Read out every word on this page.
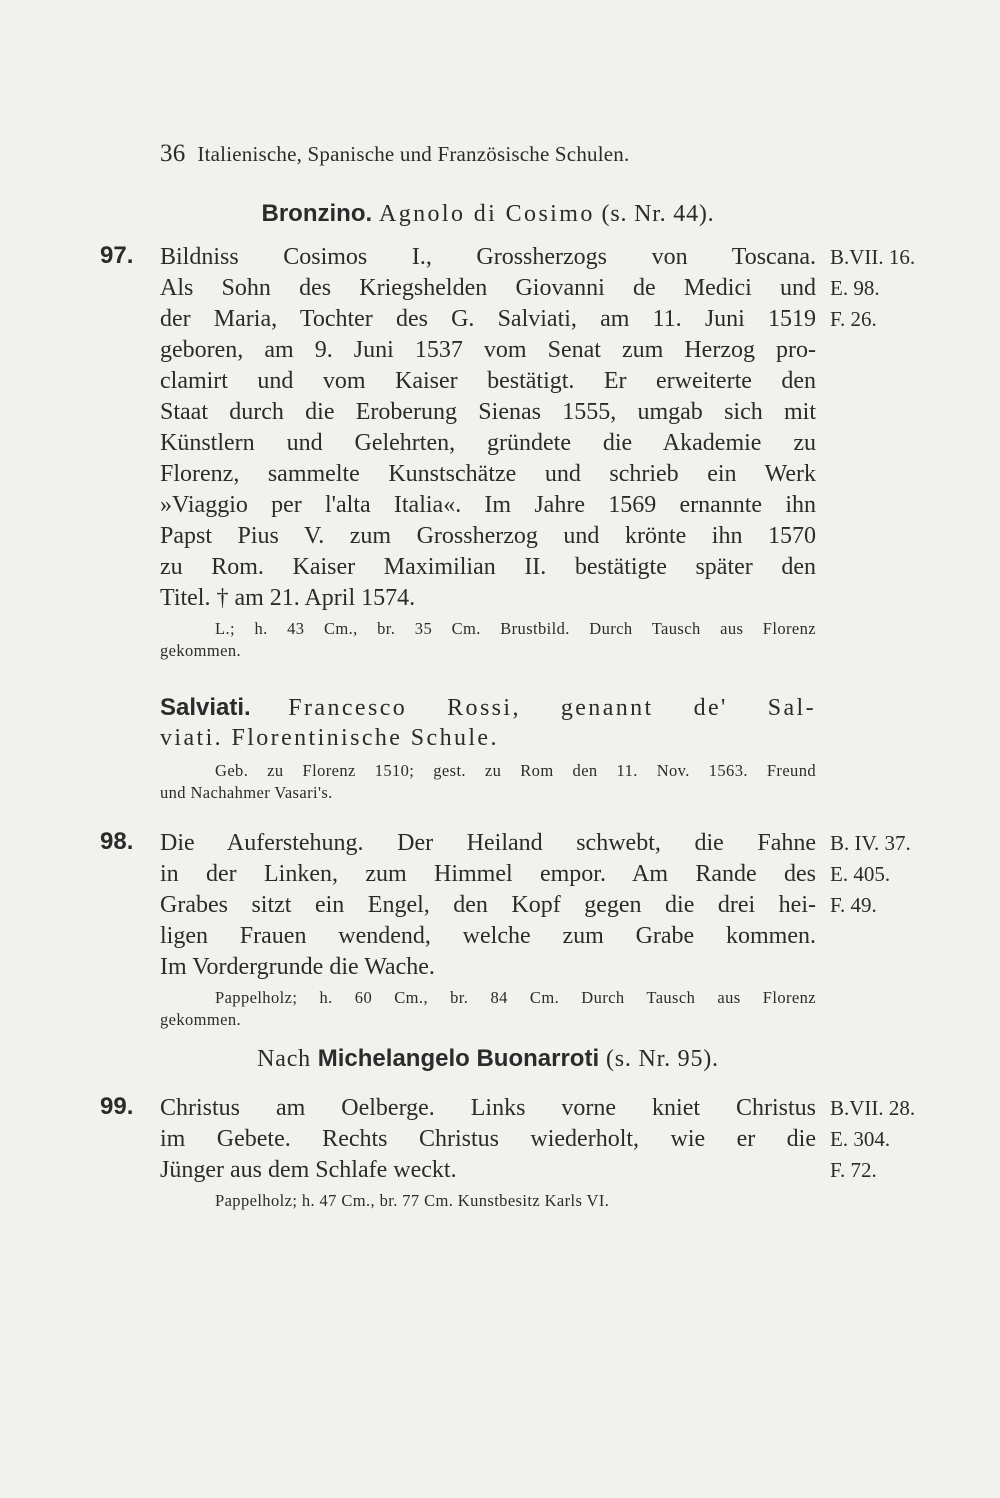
36 Italienische, Spanische und Französische Schulen.
Bronzino. Agnolo di Cosimo (s. Nr. 44).
97. Bildniss Cosimos I., Grossherzogs von Toscana.
Als Sohn des Kriegshelden Giovanni de Medici und
der Maria, Tochter des G. Salviati, am 11. Juni 1519
geboren, am 9. Juni 1537 vom Senat zum Herzog pro-
clamirt und vom Kaiser bestätigt. Er erweiterte den
Staat durch die Eroberung Sienas 1555, umgab sich mit
Künstlern und Gelehrten, gründete die Akademie zu
Florenz, sammelte Kunstschätze und schrieb ein Werk
»Viaggio per l'alta Italia«. Im Jahre 1569 ernannte ihn
Papst Pius V. zum Grossherzog und krönte ihn 1570
zu Rom. Kaiser Maximilian II. bestätigte später den
Titel. † am 21. April 1574.
L.; h. 43 Cm., br. 35 Cm. Brustbild. Durch Tausch aus Florenz
gekommen.
B.VII. 16.
E. 98.
F. 26.
Salviati. Francesco Rossi, genannt de' Sal-
viati. Florentinische Schule.
Geb. zu Florenz 1510; gest. zu Rom den 11. Nov. 1563. Freund
und Nachahmer Vasari's.
98. Die Auferstehung. Der Heiland schwebt, die Fahne
in der Linken, zum Himmel empor. Am Rande des
Grabes sitzt ein Engel, den Kopf gegen die drei hei-
ligen Frauen wendend, welche zum Grabe kommen.
Im Vordergrunde die Wache.
Pappelholz; h. 60 Cm., br. 84 Cm. Durch Tausch aus Florenz
gekommen.
B. IV. 37.
E. 405.
F. 49.
Nach Michelangelo Buonarroti (s. Nr. 95).
99. Christus am Oelberge. Links vorne kniet Christus
im Gebete. Rechts Christus wiederholt, wie er die
Jünger aus dem Schlafe weckt.
Pappelholz; h. 47 Cm., br. 77 Cm. Kunstbesitz Karls VI.
B.VII. 28.
E. 304.
F. 72.
